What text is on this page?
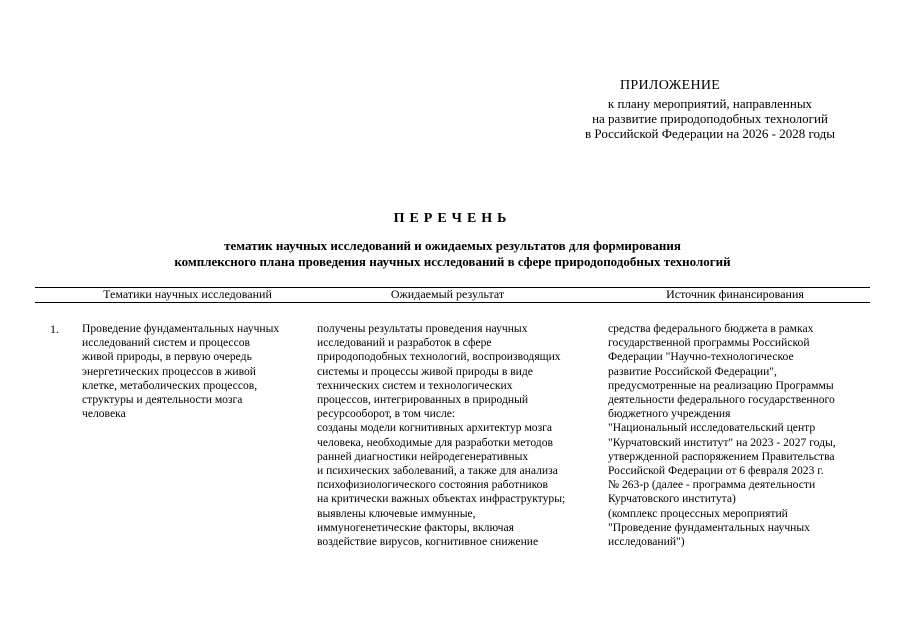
ПРИЛОЖЕНИЕ
к плану мероприятий, направленных
на развитие природоподобных технологий
в Российской Федерации на 2026 - 2028 годы
ПЕРЕЧЕНЬ
тематик научных исследований и ожидаемых результатов для формирования
комплексного плана проведения научных исследований в сфере природоподобных технологий
Тематики научных исследований	Ожидаемый результат	Источник финансирования
1. Проведение фундаментальных научных
исследований систем и процессов
живой природы, в первую очередь
энергетических процессов в живой
клетке, метаболических процессов,
структуры и деятельности мозга
человека
получены результаты проведения научных
исследований и разработок в сфере
природоподобных технологий, воспроизводящих
системы и процессы живой природы в виде
технических систем и технологических
процессов, интегрированных в природный
ресурсооборот, в том числе:
созданы модели когнитивных архитектур мозга
человека, необходимые для разработки методов
ранней диагностики нейродегенеративных
и психических заболеваний, а также для анализа
психофизиологического состояния работников
на критически важных объектах инфраструктуры;
выявлены ключевые иммунные,
иммуногенетические факторы, включая
воздействие вирусов, когнитивное снижение
средства федерального бюджета в рамках
государственной программы Российской
Федерации "Научно-технологическое
развитие Российской Федерации",
предусмотренные на реализацию Программы
деятельности федерального государственного
бюджетного учреждения
"Национальный исследовательский центр
"Курчатовский институт" на 2023 - 2027 годы,
утвержденной распоряжением Правительства
Российской Федерации от 6 февраля 2023 г.
№ 263-р (далее - программа деятельности
Курчатовского института)
(комплекс процессных мероприятий
"Проведение фундаментальных научных
исследований")
